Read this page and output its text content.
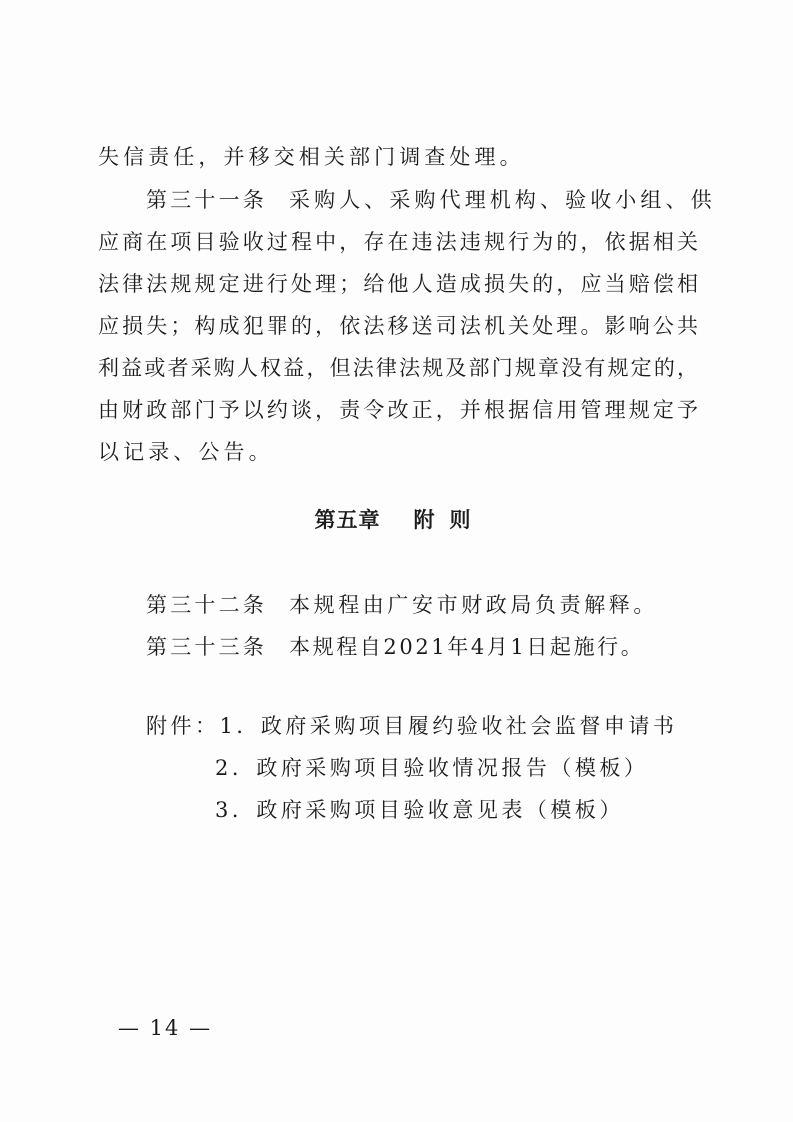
失信责任，并移交相关部门调查处理。
第三十一条 采购人、采购代理机构、验收小组、供
应商在项目验收过程中，存在违法违规行为的，依据相关
法律法规规定进行处理；给他人造成损失的，应当赔偿相
应损失；构成犯罪的，依法移送司法机关处理。影响公共
利益或者采购人权益，但法律法规及部门规章没有规定的，
由财政部门予以约谈，责令改正，并根据信用管理规定予
以记录、公告。
第五章 附 则
第三十二条 本规程由广安市财政局负责解释。
第三十三条 本规程自2021年4月1日起施行。
附件：1．政府采购项目履约验收社会监督申请书
2．政府采购项目验收情况报告（模板）
3．政府采购项目验收意见表（模板）
— 14 —
